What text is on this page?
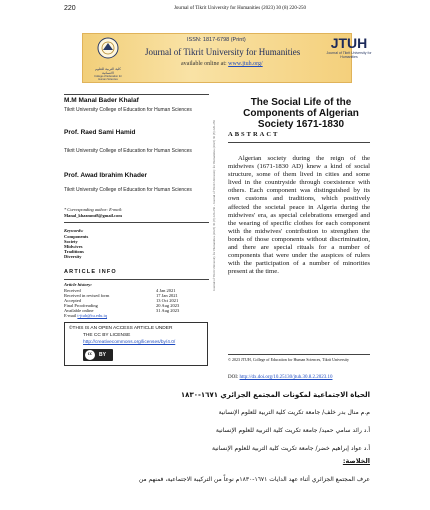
220	Journal of Tikrit University for Humanities (2023) 30 (8) 220-250
ISSN: 1817-6798 (Print)
Journal of Tikrit University for Humanities
available online at: www.jtuh.org/
كلية التربية للعلوم الانسانية
College of Education for Human Sciences
JTUH
Journal of Tikrit University for Humanities
M.M Manal Bader Khalaf
Tikrit University College of Education for Human Sciences
Prof. Raed Sami Hamid
Tikrit University College of Education for Human Sciences
Prof. Awad Ibrahim Khader
Tikrit University College of Education for Human Sciences
* Corresponding author: E-mail:
Manal_khazmmt8@gmail.com
Keywords:
Components
Society
Midwives
Traditions
Diversity
ARTICLE INFO
Article history:
Received	4 Jan 2021
Received in revised form	17 Jan 2021
Accepted	13 Oct 2021
Final Proofreading	20 Aug 2023
Available online	31 Aug 2023
E-mail t-jtuh@tu.edu.iq
©THIS IS AN OPEN ACCESS ARTICLE UNDER
THE CC BY LICENSE
http://creativecommons.org/licenses/by/4.0/
cc	BY
Journal of Tikrit University for Humanities (2023) 30 (8) 220-250 - Journal of Tikrit University for Humanities (2023) 30 (8) 220-250
The Social Life of the Components of Algerian Society 1671-1830
ABSTRACT
Algerian society during the reign of the midwives (1671-1830 AD) knew a kind of social structure, some of them lived in cities and some lived in the countryside through coexistence with others. Each component was distinguished by its own customs and traditions, which positively affected the societal peace in Algeria during the midwives' era, as special celebrations emerged and the wearing of specific clothes for each component with the midwives' contribution to strengthen the bonds of those components without discrimination, and there are special rituals for a number of components that were under the auspices of rulers with the participation of a number of minorities present at the time.
© 2023 JTUH, College of Education for Human Sciences, Tikrit University
DOI: http://dx.doi.org/10.25130/jtuh.30.8.2.2023.10
الحياة الاجتماعية لمكونات المجتمع الجزائري ١٦٧١-١٨٣٠
م.م منال بدر خلف/ جامعة تكريت كلية التربية للعلوم الإنسانية
أ.د رائد سامي حميد/ جامعة تكريت كلية التربية للعلوم الإنسانية
أ.د عواد إبراهيم خضر/ جامعة تكريت كلية التربية للعلوم الإنسانية
الخلاصة:
عرف المجتمع الجزائري أثناء عهد الدايات ١٦٧١-١٨٣٠م نوعاً من التركيبة الاجتماعية، فمنهم من
